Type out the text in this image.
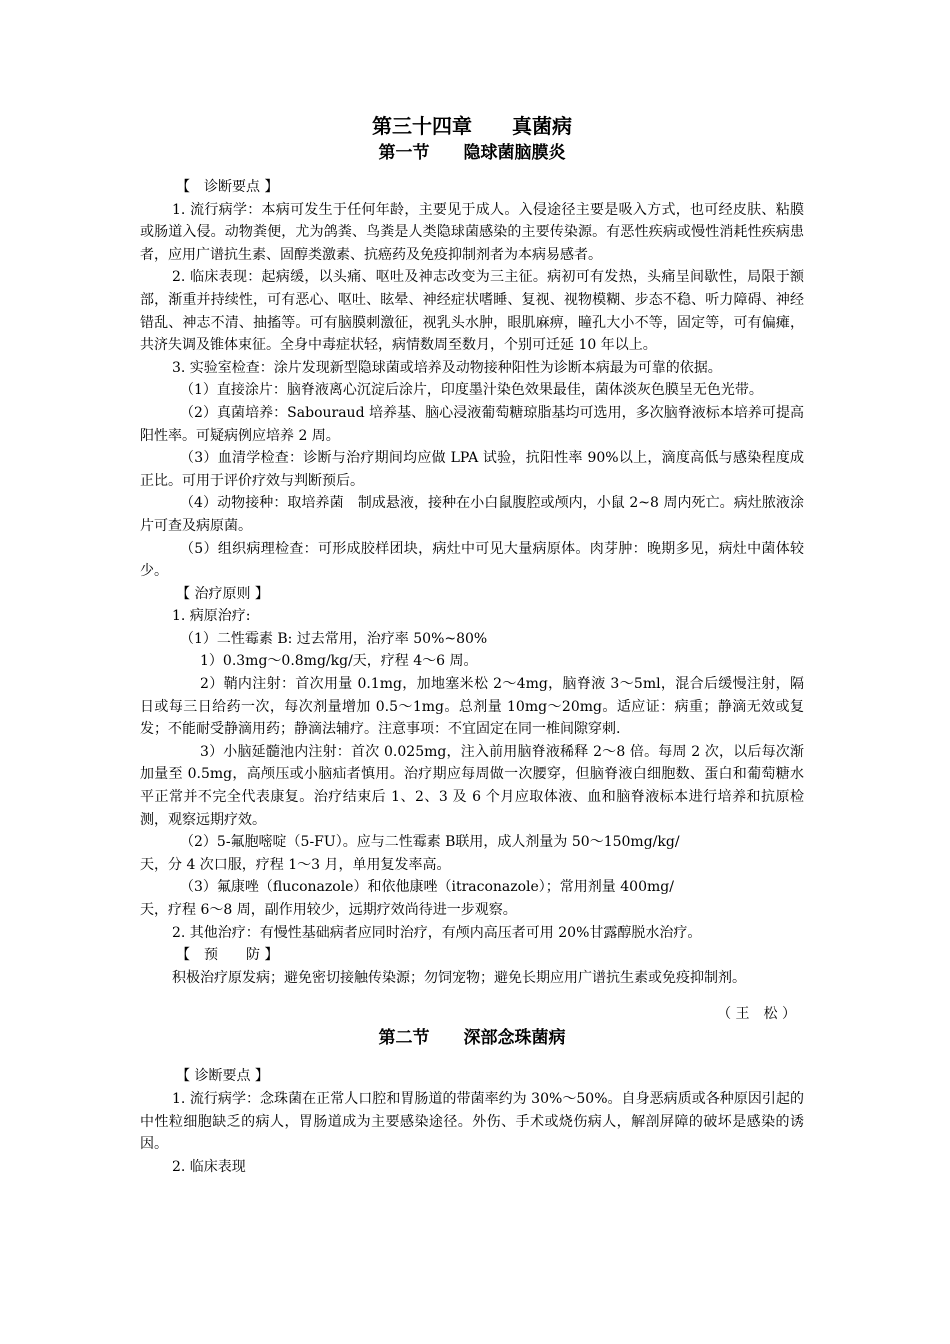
第三十四章　　真菌病
第一节　　隐球菌脑膜炎

【　诊断要点 】

1. 流行病学：本病可发生于任何年龄，主要见于成人。入侵途径主要是吸入方式，也可经皮肤、粘膜或肠道入侵。动物粪便，尤为鸽粪、鸟粪是人类隐球菌感染的主要传染源。有恶性疾病或慢性消耗性疾病患者，应用广谱抗生素、固醇类激素、抗癌药及免疫抑制剂者为本病易感者。

2. 临床表现：起病缓，以头痛、呕吐及神志改变为三主征。病初可有发热，头痛呈间歇性，局限于额部，渐重并持续性，可有恶心、呕吐、眩晕、神经症状嗜睡、复视、视物模糊、步态不稳、听力障碍、神经错乱、神志不清、抽搐等。可有脑膜刺激征，视乳头水肿，眼肌麻痹，瞳孔大小不等，固定等，可有偏瘫，共济失调及锥体束征。全身中毒症状轻，病情数周至数月，个别可迁延 10 年以上。

3. 实验室检查：涂片发现新型隐球菌或培养及动物接种阳性为诊断本病最为可靠的依据。

（1）直接涂片：脑脊液离心沉淀后涂片，印度墨汁染色效果最佳，菌体淡灰色膜呈无色光带。

（2）真菌培养：Sabouraud 培养基、脑心浸液葡萄糖琼脂基均可选用，多次脑脊液标本培养可提高阳性率。可疑病例应培养 2 周。

（3）血清学检查：诊断与治疗期间均应做 LPA 试验，抗阳性率 90%以上，滴度高低与感染程度成正比。可用于评价疗效与判断预后。

（4）动物接种：取培养菌　制成悬液，接种在小白鼠腹腔或颅内，小鼠 2~8 周内死亡。病灶脓液涂片可查及病原菌。

（5）组织病理检查：可形成胶样团块，病灶中可见大量病原体。肉芽肿：晚期多见，病灶中菌体较少。

【 治疗原则 】

1. 病原治疗:

（1）二性霉素 B: 过去常用，治疗率 50%~80%

1）0.3mg～0.8mg/kg/天，疗程 4～6 周。

2）鞘内注射：首次用量 0.1mg，加地塞米松 2～4mg，脑脊液 3～5ml，混合后缓慢注射，隔日或每三日给药一次，每次剂量增加 0.5～1mg。总剂量 10mg～20mg。适应证：病重；静滴无效或复发；不能耐受静滴用药；静滴法辅疗。注意事项：不宜固定在同一椎间隙穿刺.

3）小脑延髓池内注射：首次 0.025mg，注入前用脑脊液稀释 2～8 倍。每周 2 次，以后每次渐加量至 0.5mg，高颅压或小脑疝者慎用。治疗期应每周做一次腰穿，但脑脊液白细胞数、蛋白和葡萄糖水平正常并不完全代表康复。治疗结束后 1、2、3 及 6 个月应取体液、血和脑脊液标本进行培养和抗原检测，观察远期疗效。

（2）5-氟胞嘧啶（5-FU）。应与二性霉素 B联用，成人剂量为 50～150mg/kg/

天，分 4 次口服，疗程 1～3 月，单用复发率高。

（3）氟康唑（fluconazole）和依他康唑（itraconazole）；常用剂量 400mg/

天，疗程 6～8 周，副作用较少，远期疗效尚待进一步观察。

2. 其他治疗：有慢性基础病者应同时治疗，有颅内高压者可用 20%甘露醇脱水治疗。

【　预　　防 】

积极治疗原发病；避免密切接触传染源；勿饲宠物；避免长期应用广谱抗生素或免疫抑制剂。

（ 王　松 ）

第二节　　深部念珠菌病

【 诊断要点 】

1. 流行病学：念珠菌在正常人口腔和胃肠道的带菌率约为 30%～50%。自身恶病质或各种原因引起的中性粒细胞缺乏的病人，胃肠道成为主要感染途径。外伤、手术或烧伤病人，解剖屏障的破坏是感染的诱因。

2. 临床表现
